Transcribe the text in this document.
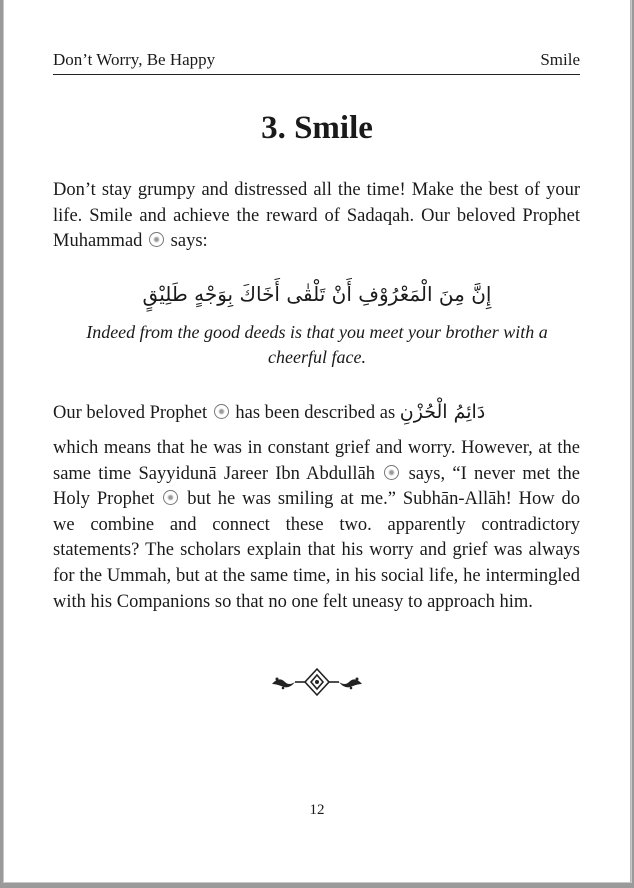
Don’t Worry, Be Happy	Smile
3. Smile
Don’t stay grumpy and distressed all the time! Make the best of your life. Smile and achieve the reward of Sadaqah. Our beloved Prophet Muhammad says:
إِنَّ مِنَ الْمَعْرُوْفِ أَنْ تَلْقٰى أَخَاكَ بِوَجْهٍ طَلِيْقٍ
Indeed from the good deeds is that you meet your brother with a cheerful face.
Our beloved Prophet has been described as دَائِمُ الْحُزْنِ
which means that he was in constant grief and worry. However, at the same time Sayyidunā Jareer Ibn Abdullāh says, “I never met the Holy Prophet but he was smiling at me.” Subhān-Allāh! How do we combine and connect these two. apparently contradictory statements? The scholars explain that his worry and grief was always for the Ummah, but at the same time, in his social life, he intermingled with his Companions so that no one felt uneasy to approach him.
12
